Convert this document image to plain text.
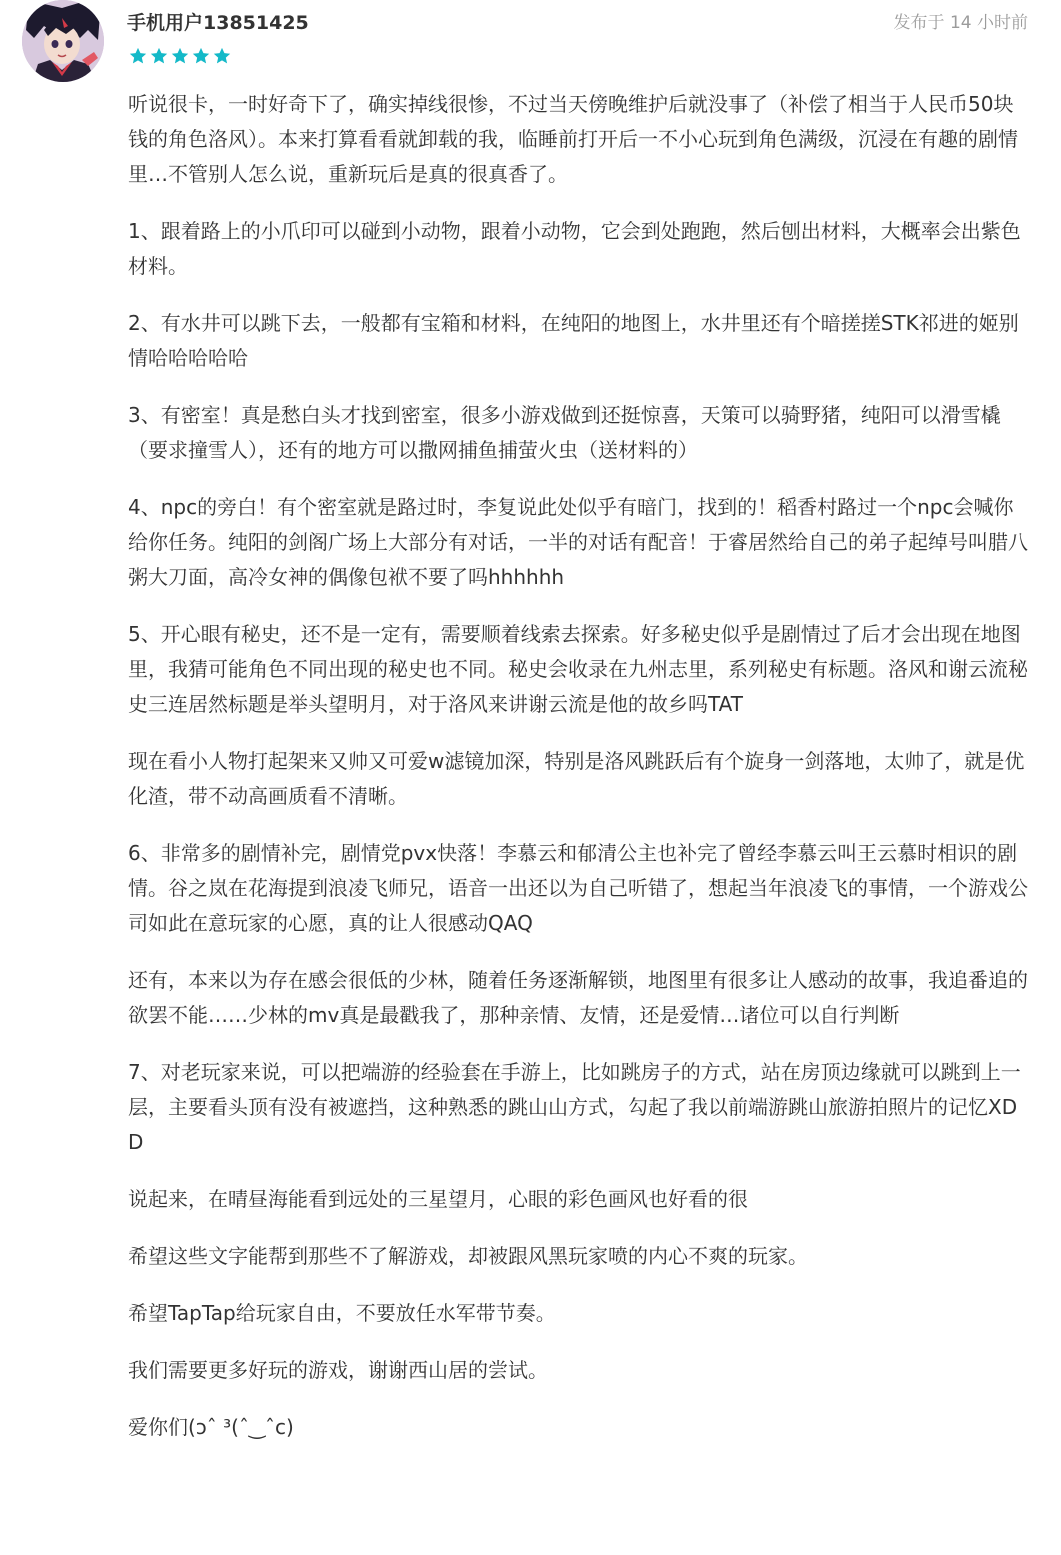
手机用户13851425	发布于 14 小时前

听说很卡，一时好奇下了，确实掉线很惨，不过当天傍晚维护后就没事了（补偿了相当于人民币50块钱的角色洛风）。本来打算看看就卸载的我，临睡前打开后一不小心玩到角色满级，沉浸在有趣的剧情里…不管别人怎么说，重新玩后是真的很真香了。

1、跟着路上的小爪印可以碰到小动物，跟着小动物，它会到处跑跑，然后刨出材料，大概率会出紫色材料。

2、有水井可以跳下去，一般都有宝箱和材料，在纯阳的地图上，水井里还有个暗搓搓STK祁进的姬别情哈哈哈哈哈

3、有密室！真是愁白头才找到密室，很多小游戏做到还挺惊喜，天策可以骑野猪，纯阳可以滑雪橇（要求撞雪人），还有的地方可以撒网捕鱼捕萤火虫（送材料的）

4、npc的旁白！有个密室就是路过时，李复说此处似乎有暗门，找到的！稻香村路过一个npc会喊你给你任务。纯阳的剑阁广场上大部分有对话，一半的对话有配音！于睿居然给自己的弟子起绰号叫腊八粥大刀面，高冷女神的偶像包袱不要了吗hhhhhh

5、开心眼有秘史，还不是一定有，需要顺着线索去探索。好多秘史似乎是剧情过了后才会出现在地图里，我猜可能角色不同出现的秘史也不同。秘史会收录在九州志里，系列秘史有标题。洛风和谢云流秘史三连居然标题是举头望明月，对于洛风来讲谢云流是他的故乡吗TAT

现在看小人物打起架来又帅又可爱w滤镜加深，特别是洛风跳跃后有个旋身一剑落地，太帅了，就是优化渣，带不动高画质看不清晰。

6、非常多的剧情补完，剧情党pvx快落！李慕云和郁清公主也补完了曾经李慕云叫王云慕时相识的剧情。谷之岚在花海提到浪凌飞师兄，语音一出还以为自己听错了，想起当年浪凌飞的事情，一个游戏公司如此在意玩家的心愿，真的让人很感动QAQ

还有，本来以为存在感会很低的少林，随着任务逐渐解锁，地图里有很多让人感动的故事，我追番追的欲罢不能……少林的mv真是最戳我了，那种亲情、友情，还是爱情…诸位可以自行判断

7、对老玩家来说，可以把端游的经验套在手游上，比如跳房子的方式，站在房顶边缘就可以跳到上一层，主要看头顶有没有被遮挡，这种熟悉的跳山山方式，勾起了我以前端游跳山旅游拍照片的记忆XDD

说起来，在晴昼海能看到远处的三星望月，心眼的彩色画风也好看的很

希望这些文字能帮到那些不了解游戏，却被跟风黑玩家喷的内心不爽的玩家。

希望TapTap给玩家自由，不要放任水军带节奏。

我们需要更多好玩的游戏，谢谢西山居的尝试。

爱你们(ↄˆ ³(ˆ‿ˆc)
